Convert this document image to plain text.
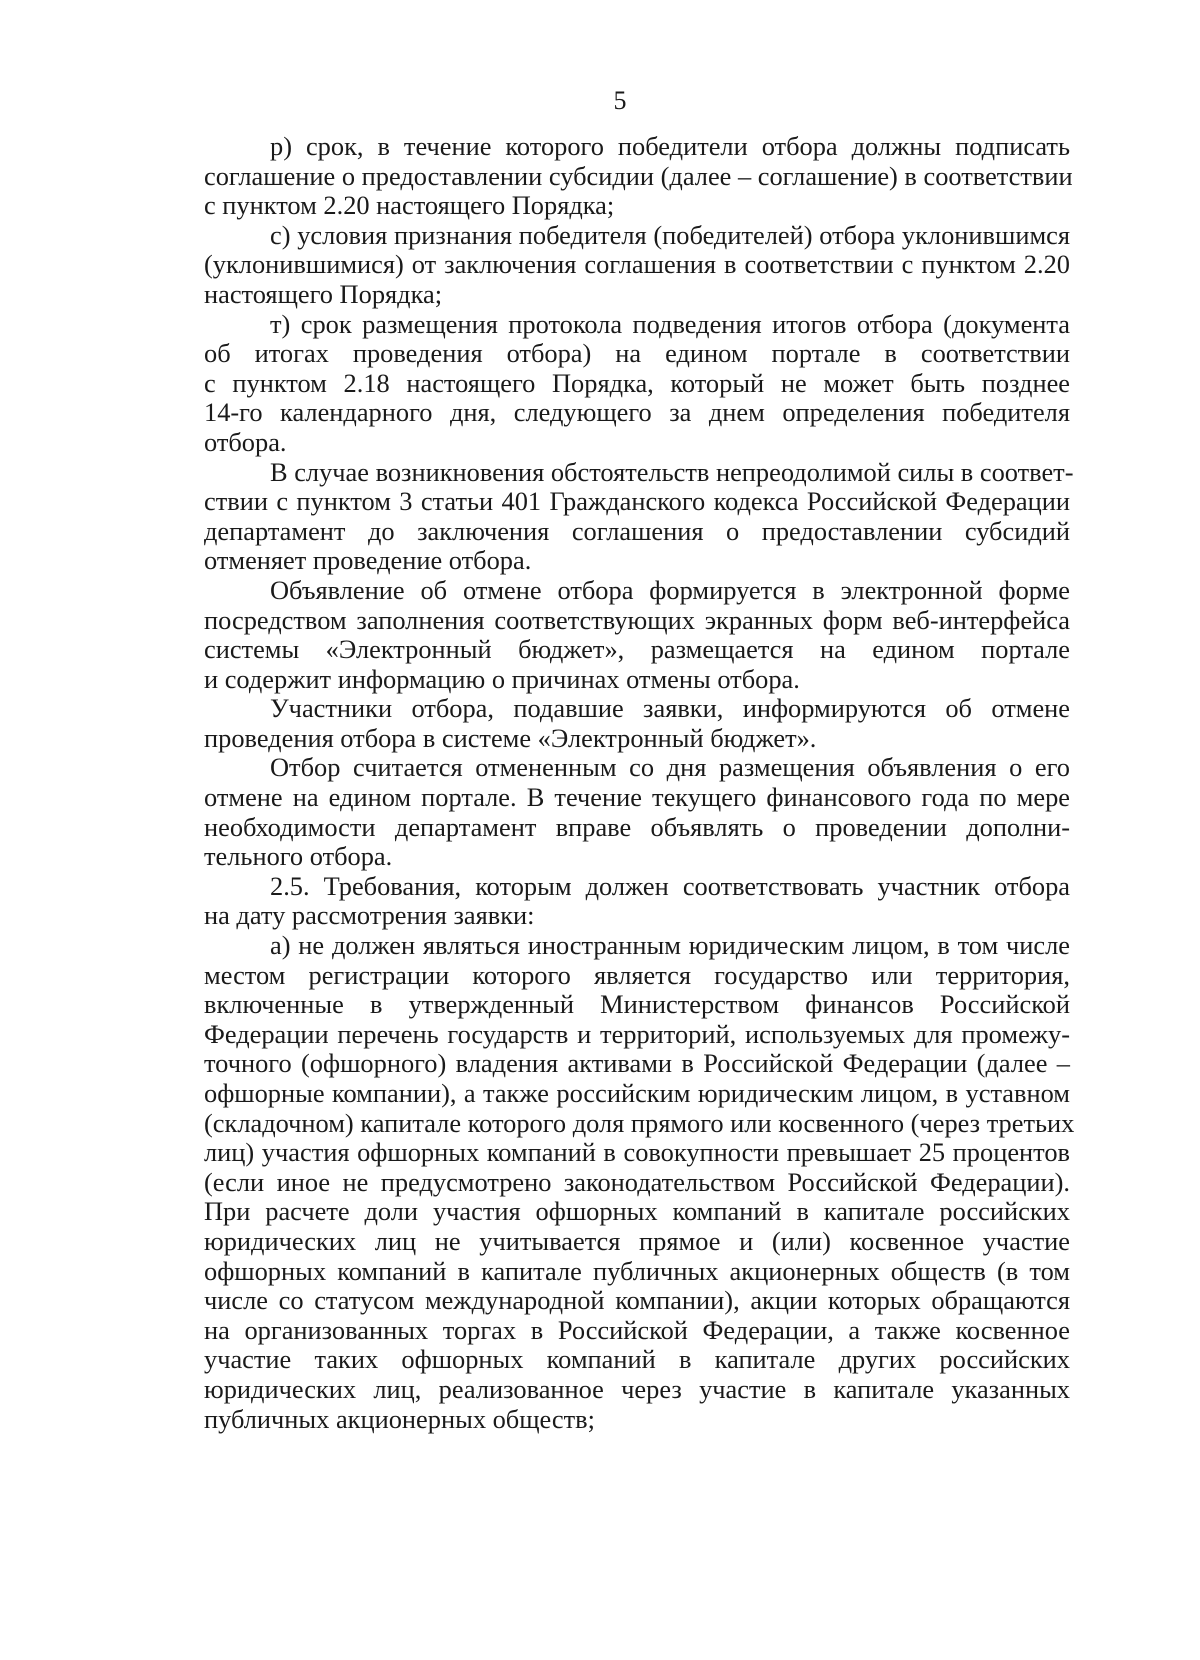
5
р) срок, в течение которого победители отбора должны подписать
соглашение о предоставлении субсидии (далее – соглашение) в соответствии
с пунктом 2.20 настоящего Порядка;
с) условия признания победителя (победителей) отбора уклонившимся
(уклонившимися) от заключения соглашения в соответствии с пунктом 2.20
настоящего Порядка;
т) срок размещения протокола подведения итогов отбора (документа
об итогах проведения отбора) на едином портале в соответствии
с пунктом 2.18 настоящего Порядка, который не может быть позднее
14-го календарного дня, следующего за днем определения победителя
отбора.
В случае возникновения обстоятельств непреодолимой силы в соответ-
ствии с пунктом 3 статьи 401 Гражданского кодекса Российской Федерации
департамент до заключения соглашения о предоставлении субсидий
отменяет проведение отбора.
Объявление об отмене отбора формируется в электронной форме
посредством заполнения соответствующих экранных форм веб-интерфейса
системы «Электронный бюджет», размещается на едином портале
и содержит информацию о причинах отмены отбора.
Участники отбора, подавшие заявки, информируются об отмене
проведения отбора в системе «Электронный бюджет».
Отбор считается отмененным со дня размещения объявления о его
отмене на едином портале. В течение текущего финансового года по мере
необходимости департамент вправе объявлять о проведении дополни-
тельного отбора.
2.5. Требования, которым должен соответствовать участник отбора
на дату рассмотрения заявки:
а) не должен являться иностранным юридическим лицом, в том числе
местом регистрации которого является государство или территория,
включенные в утвержденный Министерством финансов Российской
Федерации перечень государств и территорий, используемых для промежу-
точного (офшорного) владения активами в Российской Федерации (далее –
офшорные компании), а также российским юридическим лицом, в уставном
(складочном) капитале которого доля прямого или косвенного (через третьих
лиц) участия офшорных компаний в совокупности превышает 25 процентов
(если иное не предусмотрено законодательством Российской Федерации).
При расчете доли участия офшорных компаний в капитале российских
юридических лиц не учитывается прямое и (или) косвенное участие
офшорных компаний в капитале публичных акционерных обществ (в том
числе со статусом международной компании), акции которых обращаются
на организованных торгах в Российской Федерации, а также косвенное
участие таких офшорных компаний в капитале других российских
юридических лиц, реализованное через участие в капитале указанных
публичных акционерных обществ;
